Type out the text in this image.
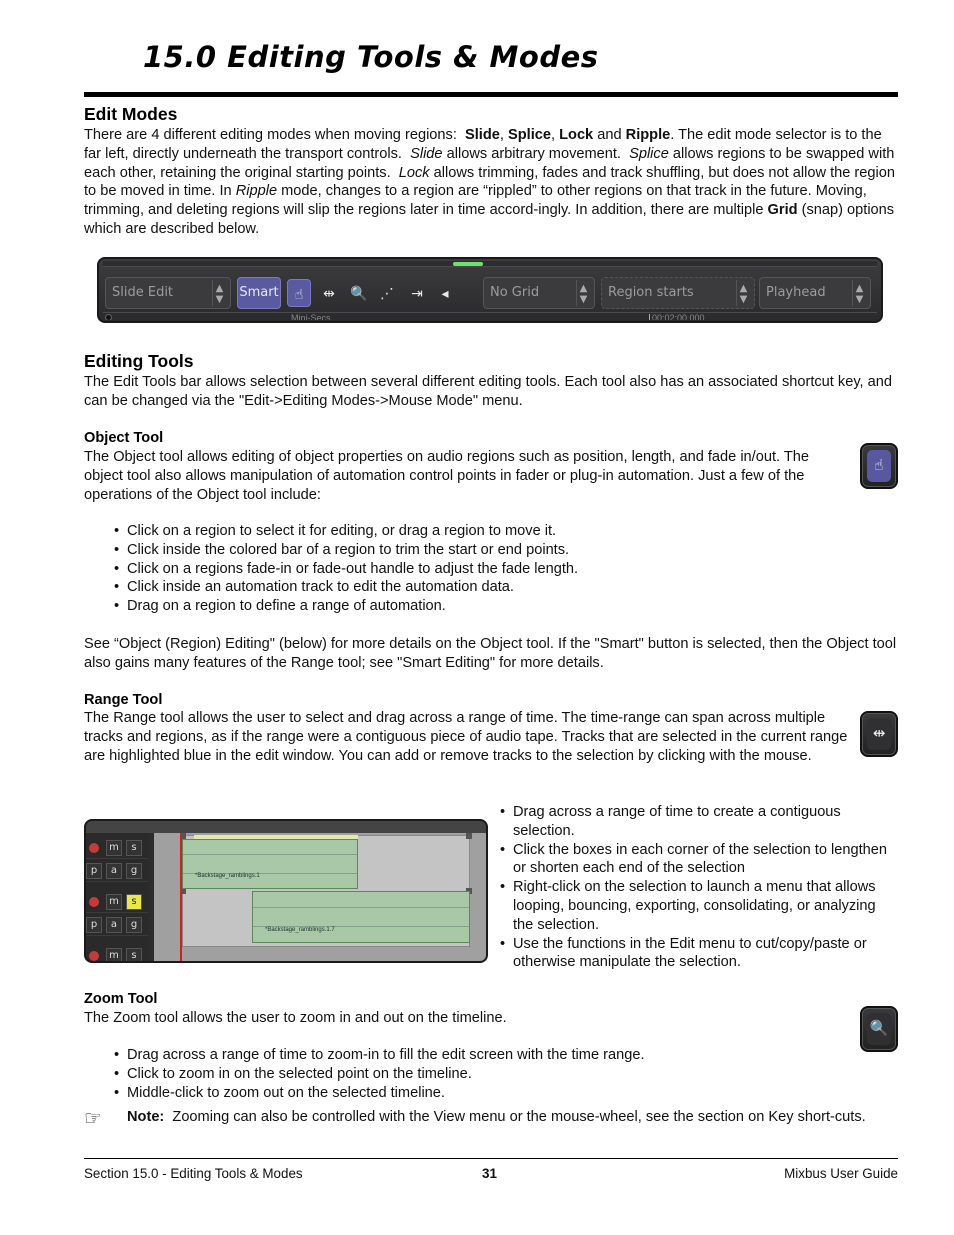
15.0 Editing Tools & Modes
Edit Modes

There are 4 different editing modes when moving regions: Slide, Splice, Lock and Ripple. The edit mode selector is to the far left, directly underneath the transport controls. Slide allows arbitrary movement. Splice allows regions to be swapped with each other, retaining the original starting points. Lock allows trimming, fades and track shuffling, but does not allow the region to be moved in time. In Ripple mode, changes to a region are “rippled” to other regions on that track in the future. Moving, trimming, and deleting regions will slip the regions later in time accord-ingly. In addition, there are multiple Grid (snap) options which are described below.

Slide Edit	▲
▼ Smart	☝	⇹	🔍 ⋰	⇥	◂	No Grid	▲
▼	Region starts	▲
▼	Playhead	▲
▼
Mini-Secs	00:02:00.000
Editing Tools

The Edit Tools bar allows selection between several different editing tools. Each tool also has an associated shortcut key, and can be changed via the "Edit->Editing Modes->Mouse Mode" menu.

Object Tool

The Object tool allows editing of object properties on audio regions such as position, length, and fade in/out. The object tool also allows manipulation of automation control points in fader or plug-in automation. Just a few of the operations of the Object tool include:

☝
• Click on a region to select it for editing, or drag a region to move it.
• Click inside the colored bar of a region to trim the start or end points.
• Click on a regions fade-in or fade-out handle to adjust the fade length.
• Click inside an automation track to edit the automation data.
• Drag on a region to define a range of automation.

See “Object (Region) Editing" (below) for more details on the Object tool. If the "Smart" button is selected, then the Object tool also gains many features of the Range tool; see "Smart Editing" for more details.

Range Tool

The Range tool allows the user to select and drag across a range of time. The time-range can span across multiple tracks and regions, as if the range were a contiguous piece of audio tape. Tracks that are selected in the current range are highlighted blue in the edit window. You can add or remove tracks to the selection by clicking with the mouse.

⇹
m	s
p	a	g
m	s
p	a	g
m	s
*Backstage_ramblings.1
*Backstage_ramblings.1.7
• Drag across a range of time to create a contiguous selection.
• Click the boxes in each corner of the selection to lengthen or shorten each end of the selection
• Right-click on the selection to launch a menu that allows looping, bouncing, exporting, consolidating, or analyzing the selection.
• Use the functions in the Edit menu to cut/copy/paste or otherwise manipulate the selection.
Zoom Tool

The Zoom tool allows the user to zoom in and out on the timeline.

🔍
• Drag across a range of time to zoom-in to fill the edit screen with the time range.
• Click to zoom in on the selected point on the timeline.
• Middle-click to zoom out on the selected timeline.
☞ Note: Zooming can also be controlled with the View menu or the mouse-wheel, see the section on Key short-cuts.

Section 15.0 - Editing Tools & Modes	31	Mixbus User Guide
